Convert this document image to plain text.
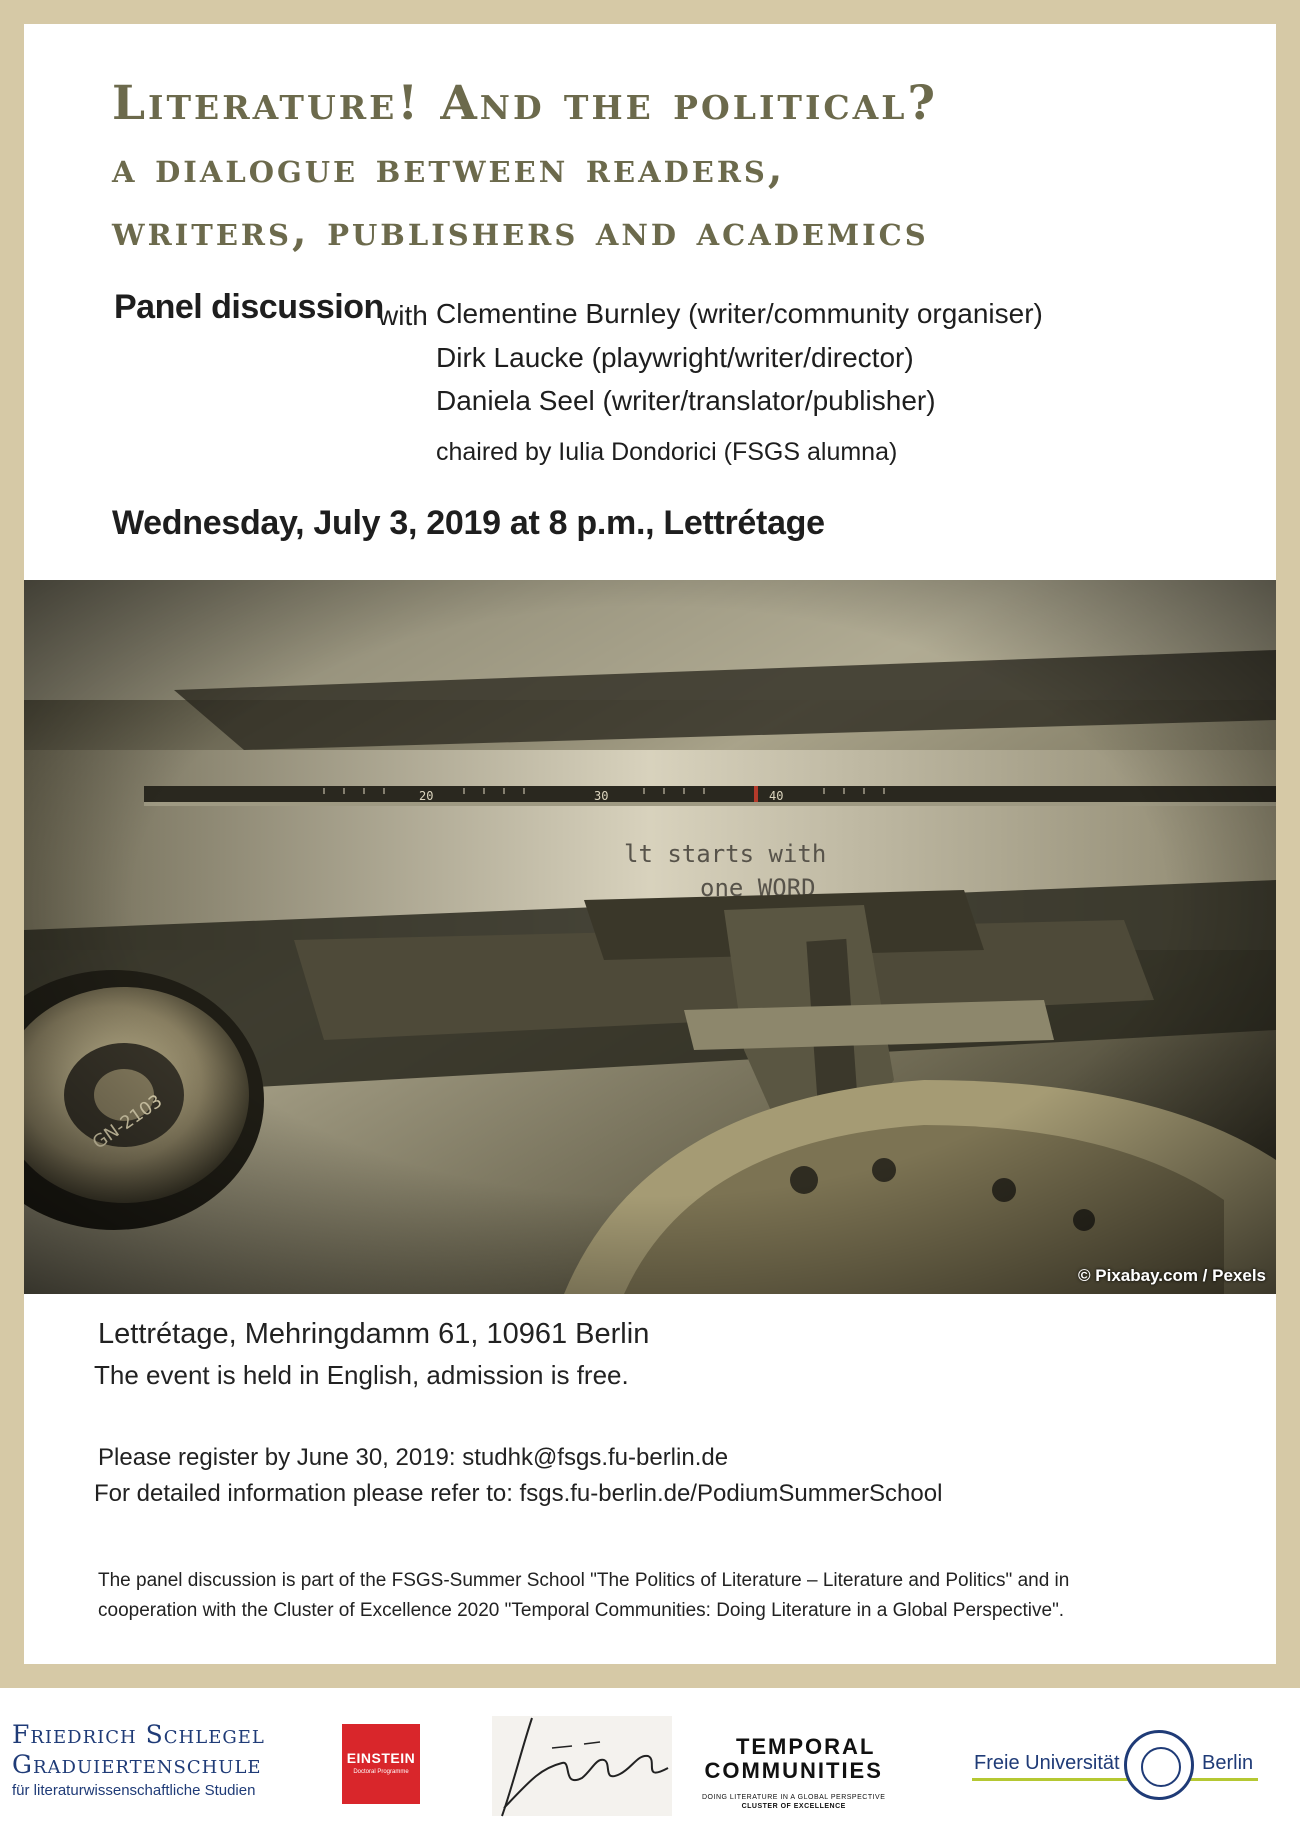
Literature! And the political?
a dialogue between readers,
writers, publishers and academics
Panel discussion
with Clementine Burnley (writer/community organiser)
Dirk Laucke (playwright/writer/director)
Daniela Seel (writer/translator/publisher)
chaired by Iulia Dondorici (FSGS alumna)
Wednesday, July 3, 2019 at 8 p.m., Lettrétage
© Pixabay.com / Pexels
Lettrétage, Mehringdamm 61, 10961 Berlin
The event is held in English, admission is free.
Please register by June 30, 2019: studhk@fsgs.fu-berlin.de
For detailed information please refer to: fsgs.fu-berlin.de/PodiumSummerSchool
The panel discussion is part of the FSGS-Summer School "The Politics of Literature – Literature and Politics" and in
cooperation with the Cluster of Excellence 2020 "Temporal Communities: Doing Literature in a Global Perspective".
Friedrich Schlegel
Graduiertenschule
für literaturwissenschaftliche Studien
EINSTEIN
Doctoral Programme
TEMPORAL
COMMUNITIES
DOING LITERATURE IN A GLOBAL PERSPECTIVE
CLUSTER OF EXCELLENCE
Freie Universität	Berlin
